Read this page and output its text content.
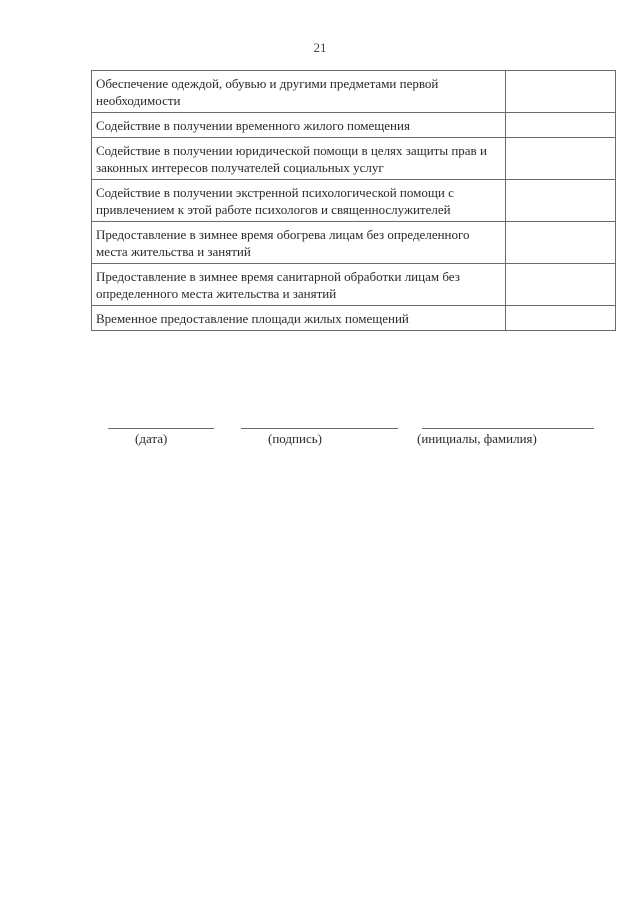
21
Обеспечение одеждой, обувью и другими предметами первой необходимости	
Содействие в получении временного жилого помещения	
Содействие в получении юридической помощи в целях защиты прав и законных интересов получателей социальных услуг	
Содействие в получении экстренной психологической помощи с привлечением к этой работе психологов и священнослужителей	
Предоставление в зимнее время обогрева лицам без определенного места жительства и занятий	
Предоставление в зимнее время санитарной обработки лицам без определенного места жительства и занятий	
Временное предоставление площади жилых помещений	
(дата)	(подпись)	(инициалы, фамилия)
